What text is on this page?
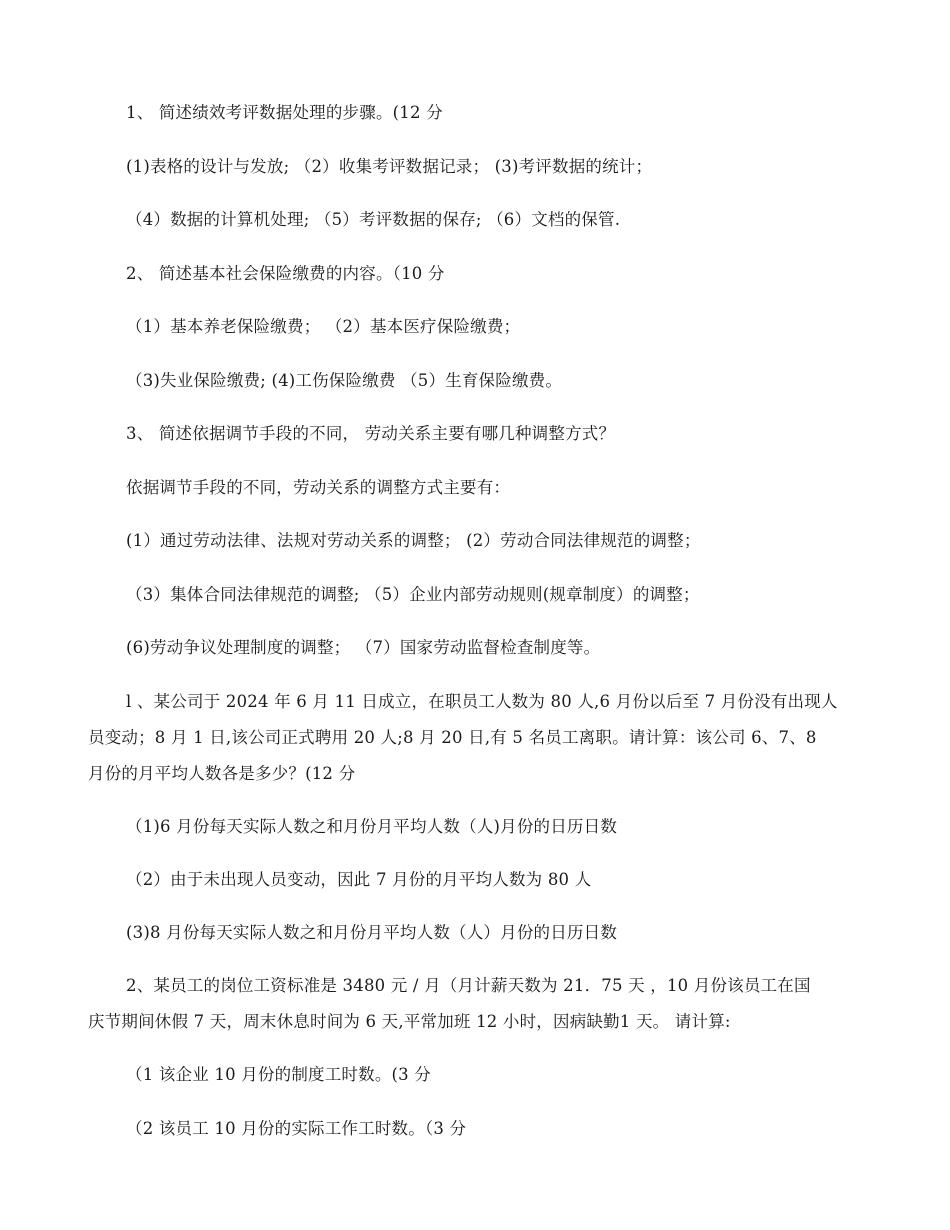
1、 简述绩效考评数据处理的步骤。(12 分
(1)表格的设计与发放; （2）收集考评数据记录； (3)考评数据的统计；
（4）数据的计算机处理; （5）考评数据的保存; （6）文档的保管.
2、 简述基本社会保险缴费的内容。（10 分
（1）基本养老保险缴费； （2）基本医疗保险缴费；
（3)失业保险缴费; (4)工伤保险缴费 （5）生育保险缴费。
3、 简述依据调节手段的不同， 劳动关系主要有哪几种调整方式？
依据调节手段的不同，劳动关系的调整方式主要有：
(1）通过劳动法律、法规对劳动关系的调整； (2）劳动合同法律规范的调整；
（3）集体合同法律规范的调整; （5）企业内部劳动规则(规章制度）的调整；
(6)劳动争议处理制度的调整； （7）国家劳动监督检查制度等。
l 、某公司于 2024 年 6 月 11 日成立，在职员工人数为 80 人,6 月份以后至 7 月份没有出现人
员变动；8 月 1 日,该公司正式聘用 20 人;8 月 20 日,有 5 名员工离职。请计算：该公司 6、7、8
月份的月平均人数各是多少？(12 分
（1)6 月份每天实际人数之和月份月平均人数（人)月份的日历日数
（2）由于未出现人员变动，因此 7 月份的月平均人数为 80 人
(3)8 月份每天实际人数之和月份月平均人数（人）月份的日历日数
2、某员工的岗位工资标准是 3480 元 / 月（月计薪天数为 21．75 天 ，10 月份该员工在国
庆节期间休假 7 天，周末休息时间为 6 天,平常加班 12 小时，因病缺勤1 天。 请计算:
（1 该企业 10 月份的制度工时数。(3 分
（2 该员工 10 月份的实际工作工时数。（3 分
